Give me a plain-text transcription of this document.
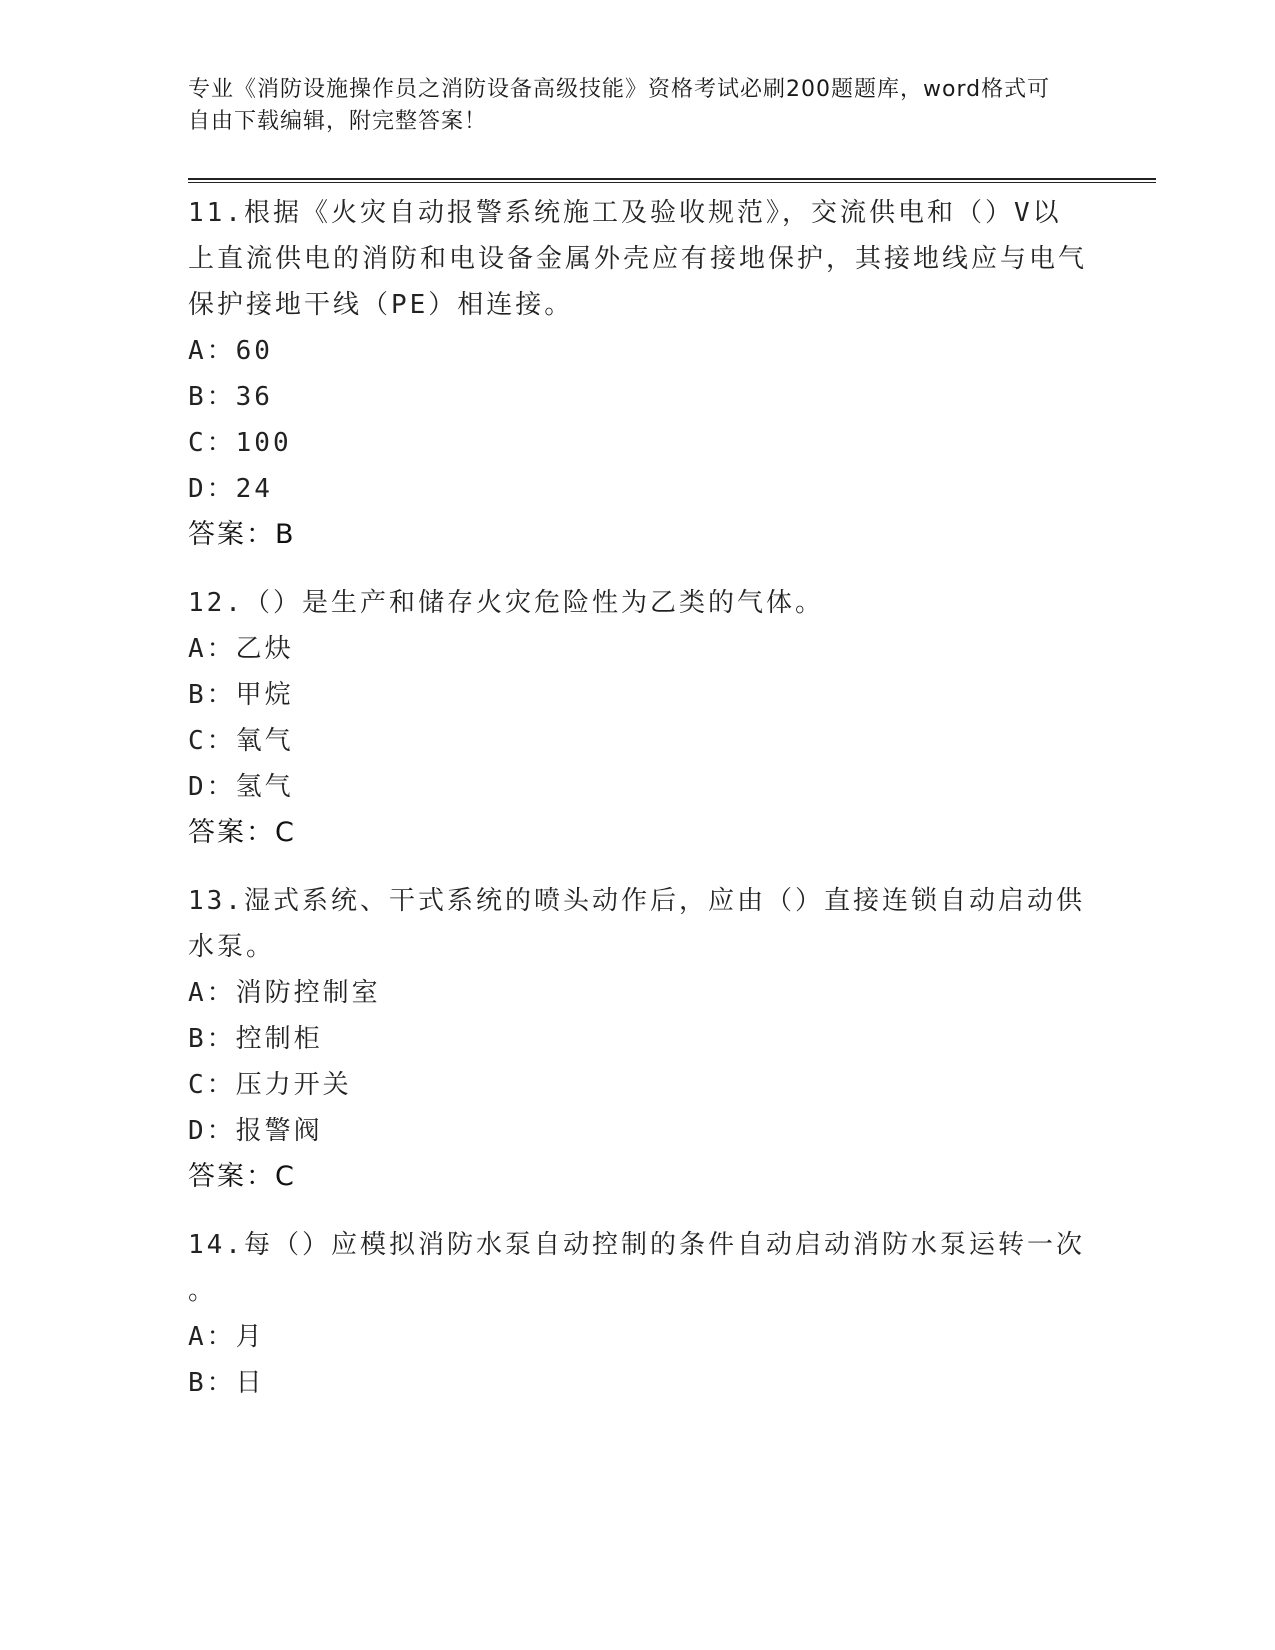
专业《消防设施操作员之消防设备高级技能》资格考试必刷200题题库，word格式可自由下载编辑，附完整答案！
11.根据《火灾自动报警系统施工及验收规范》，交流供电和（）V以上直流供电的消防和电设备金属外壳应有接地保护，其接地线应与电气保护接地干线（PE）相连接。
A：60
B：36
C：100
D：24
答案：B
12.（）是生产和储存火灾危险性为乙类的气体。
A：乙炔
B：甲烷
C：氧气
D：氢气
答案：C
13.湿式系统、干式系统的喷头动作后，应由（）直接连锁自动启动供水泵。
A：消防控制室
B：控制柜
C：压力开关
D：报警阀
答案：C
14.每（）应模拟消防水泵自动控制的条件自动启动消防水泵运转一次
。
A：月
B：日
